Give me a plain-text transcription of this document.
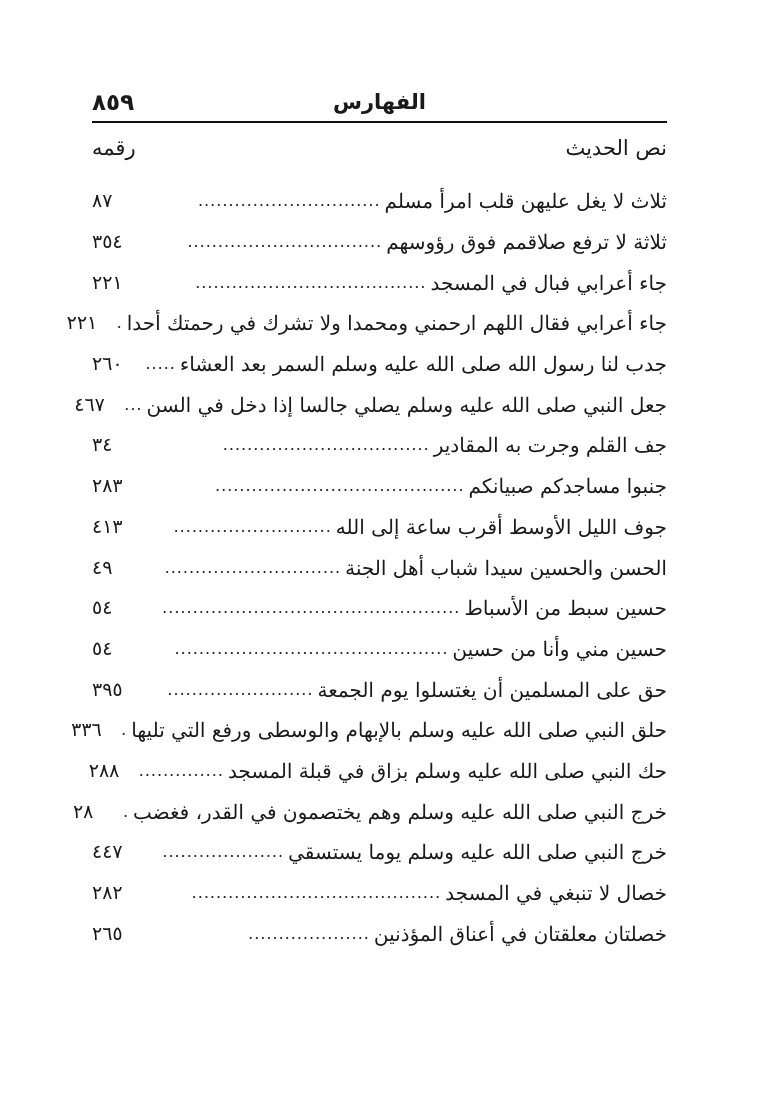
٨٥٩	الفهارس
نص الحديث
رقمه
ثلاث لا يغل عليهن قلب امرأ مسلم
..............................
٨٧
ثلاثة لا ترفع صلاقمم فوق رؤوسهم
................................
٣٥٤
جاء أعرابي فبال في المسجد
......................................
٢٢١
جاء أعرابي فقال اللهم ارحمني ومحمدا ولا تشرك في رحمتك أحدا
.
٢٢١
جدب لنا رسول الله صلى الله عليه وسلم السمر بعد العشاء
.....
٢٦٠
جعل النبي صلى الله عليه وسلم يصلي جالسا إذا دخل في السن
...
٤٦٧
جف القلم وجرت به المقادير
..................................
٣٤
جنبوا مساجدكم صبيانكم
.........................................
٢٨٣
جوف الليل الأوسط أقرب ساعة إلى الله
..........................
٤١٣
الحسن والحسين سيدا شباب أهل الجنة
.............................
٤٩
حسين سبط من الأسباط
.................................................
٥٤
حسين مني وأنا من حسين
.............................................
٥٤
حق على المسلمين أن يغتسلوا يوم الجمعة
........................
٣٩٥
حلق النبي صلى الله عليه وسلم بالإبهام والوسطى ورفع التي تليها
.
٣٣٦
حك النبي صلى الله عليه وسلم بزاق في قبلة المسجد
..............
٢٨٨
خرج النبي صلى الله عليه وسلم وهم يختصمون في القدر، فغضب
.
٢٨
خرج النبي صلى الله عليه وسلم يوما يستسقي
....................
٤٤٧
خصال لا تنبغي في المسجد
.........................................
٢٨٢
خصلتان معلقتان في أعناق المؤذنين
....................
٢٦٥
